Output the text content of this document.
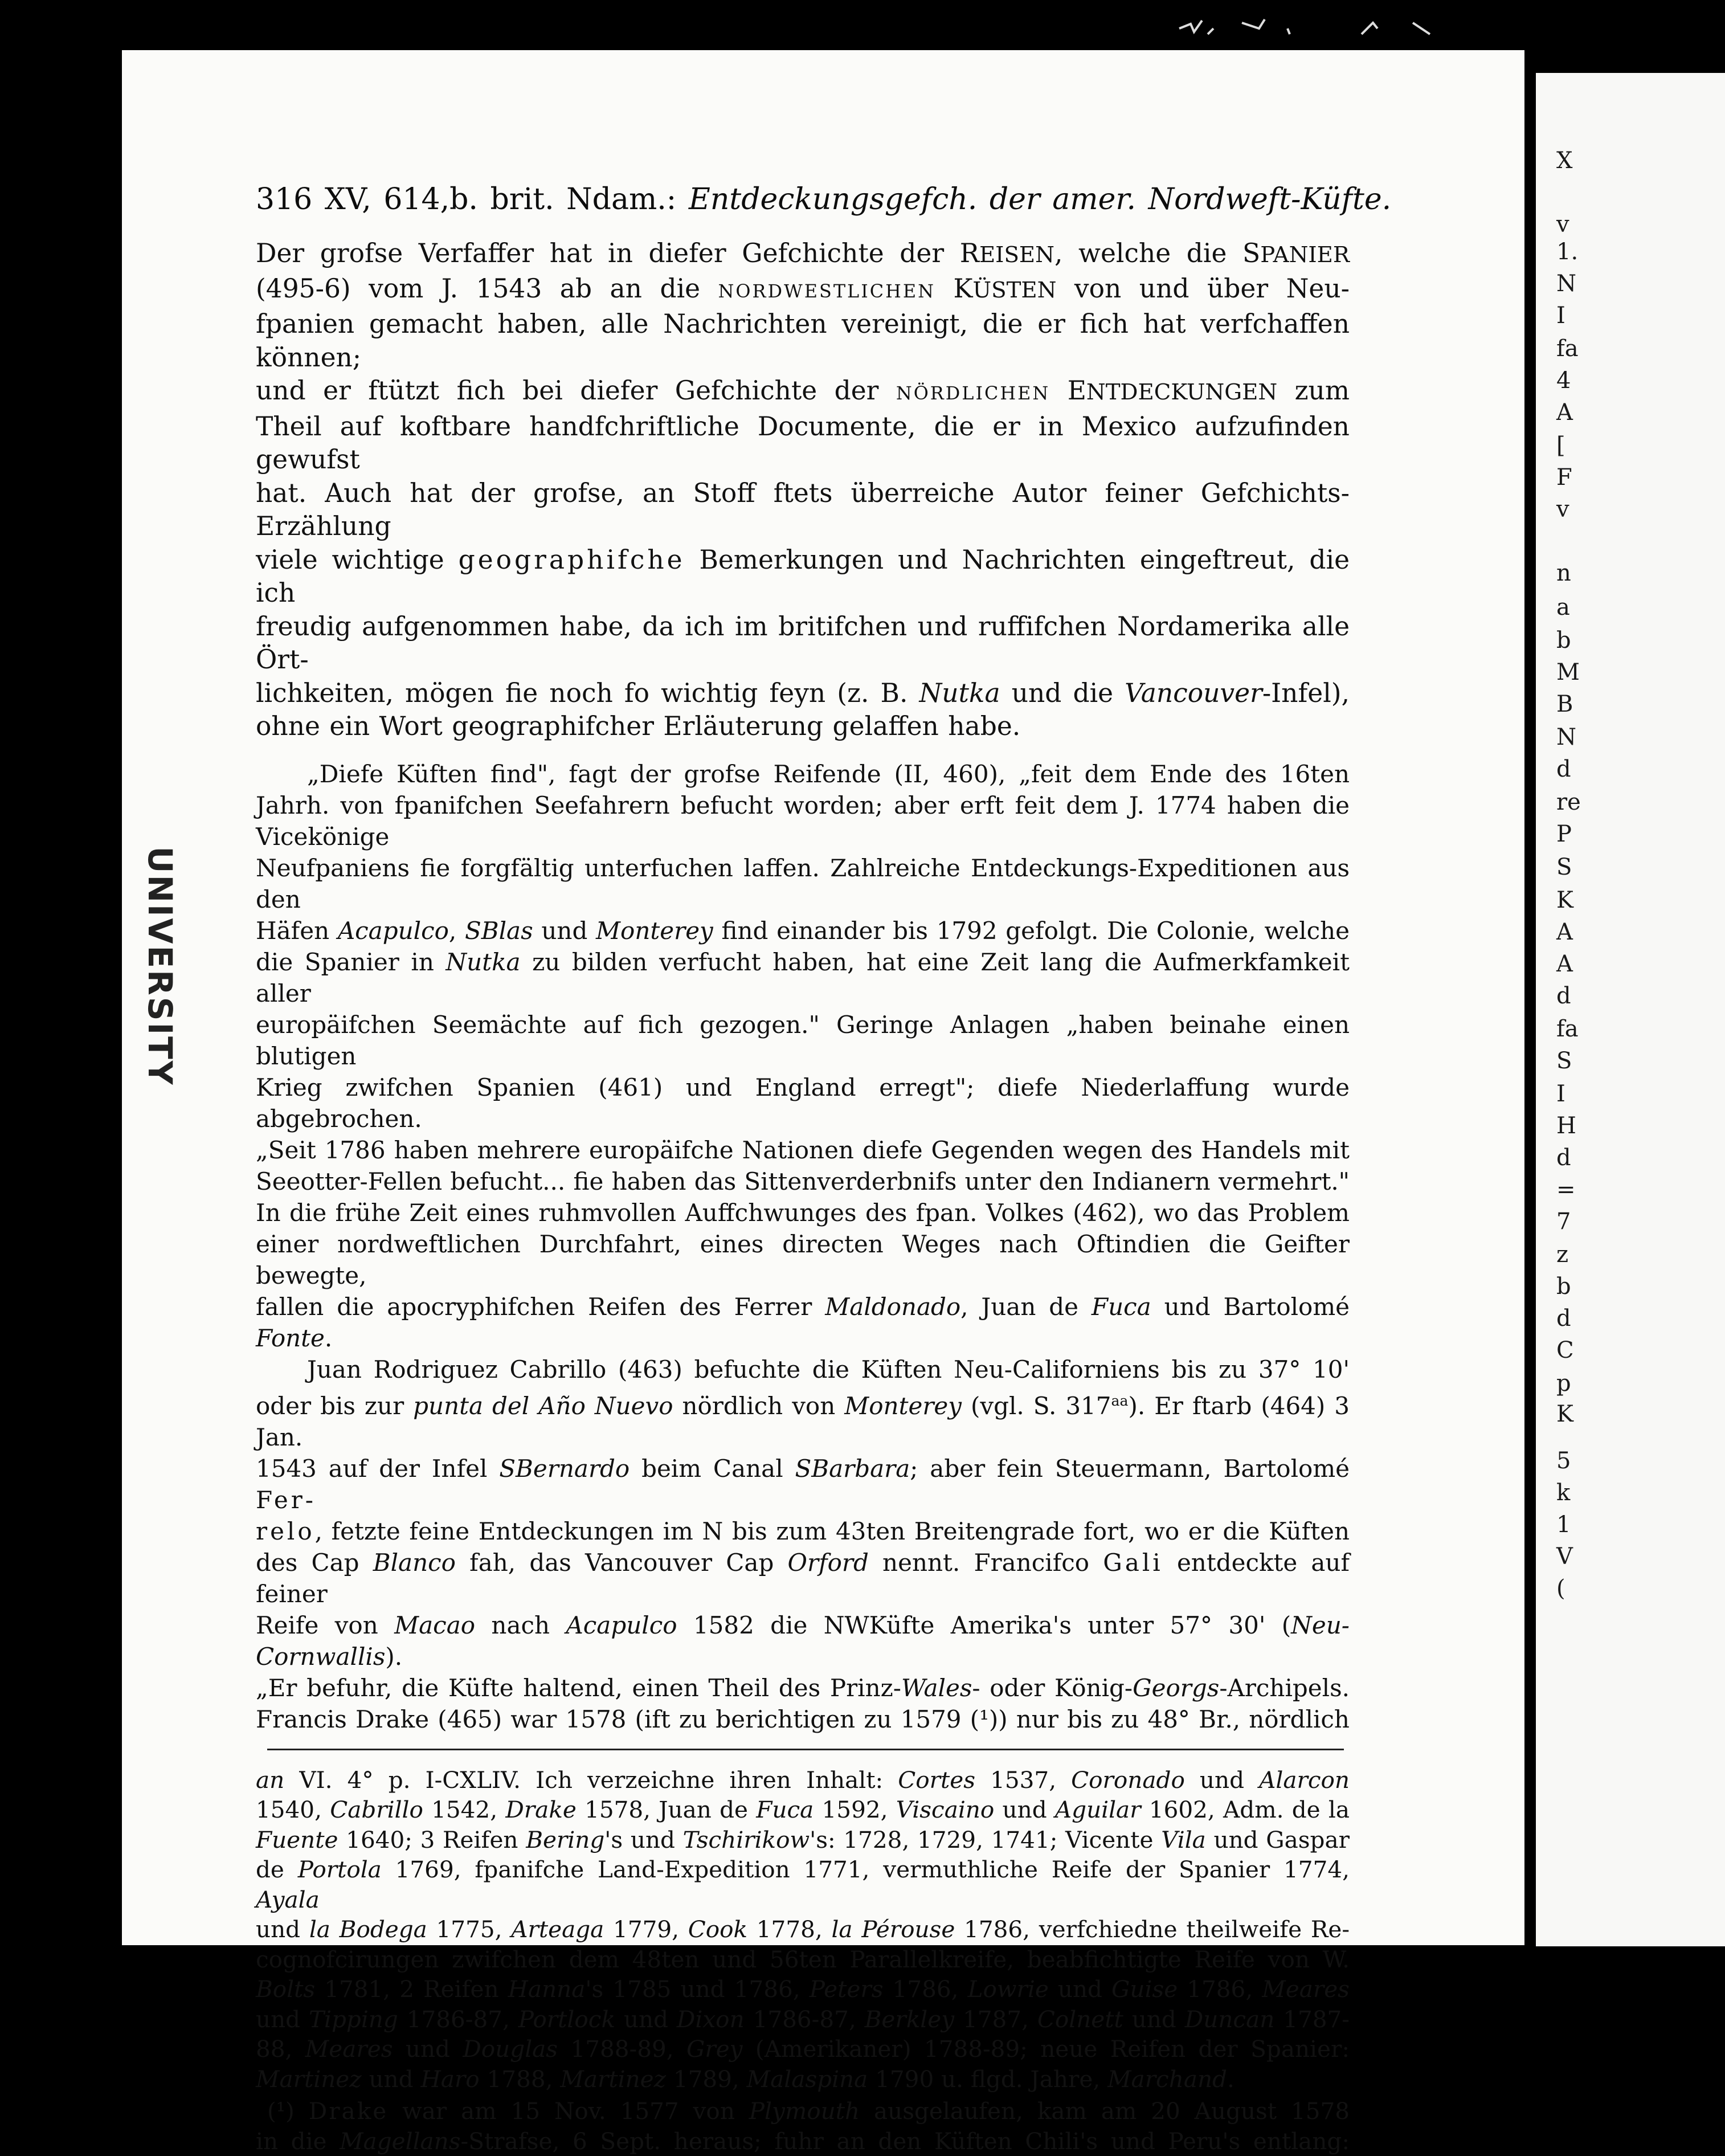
UNIVERSITY
X
v
1.
N
I
fa
4
A
[
F
v
n
a
b
M
B
N
d
re
P
S
K
A
A
d
fa
S
I
H
d
=
7
z
b
d
C
p
K
5
k
1
V
(
316 XV, 614,b. brit. Ndam.: Entdeckungsgefch. der amer. Nordweft-Küfte.

Der grofse Verfaffer hat in diefer Gefchichte der REISEN, welche die SPANIER

(495-6) vom J. 1543 ab an die NORDWESTLICHEN KÜSTEN von und über Neu-

fpanien gemacht haben, alle Nachrichten vereinigt, die er fich hat verfchaffen können;

und er ftützt fich bei diefer Gefchichte der NÖRDLICHEN ENTDECKUNGEN zum

Theil auf koftbare handfchriftliche Documente, die er in Mexico aufzufinden gewufst

hat. Auch hat der grofse, an Stoff ftets überreiche Autor feiner Gefchichts-Erzählung

viele wichtige geographifche Bemerkungen und Nachrichten eingeftreut, die ich

freudig aufgenommen habe, da ich im britifchen und ruffifchen Nordamerika alle Ört-

lichkeiten, mögen fie noch fo wichtig feyn (z. B. Nutka und die Vancouver-Infel),

ohne ein Wort geographifcher Erläuterung gelaffen habe.

„Diefe Küften find", fagt der grofse Reifende (II, 460), „feit dem Ende des 16ten

Jahrh. von fpanifchen Seefahrern befucht worden; aber erft feit dem J. 1774 haben die Vicekönige

Neufpaniens fie forgfältig unterfuchen laffen. Zahlreiche Entdeckungs-Expeditionen aus den

Häfen Acapulco, SBlas und Monterey find einander bis 1792 gefolgt. Die Colonie, welche

die Spanier in Nutka zu bilden verfucht haben, hat eine Zeit lang die Aufmerkfamkeit aller

europäifchen Seemächte auf fich gezogen." Geringe Anlagen „haben beinahe einen blutigen

Krieg zwifchen Spanien (461) und England erregt"; diefe Niederlaffung wurde abgebrochen.

„Seit 1786 haben mehrere europäifche Nationen diefe Gegenden wegen des Handels mit

Seeotter-Fellen befucht... fie haben das Sittenverderbnifs unter den Indianern vermehrt."

In die frühe Zeit eines ruhmvollen Auffchwunges des fpan. Volkes (462), wo das Problem

einer nordweftlichen Durchfahrt, eines directen Weges nach Oftindien die Geifter bewegte,

fallen die apocryphifchen Reifen des Ferrer Maldonado, Juan de Fuca und Bartolomé Fonte.

Juan Rodriguez Cabrillo (463) befuchte die Küften Neu-Californiens bis zu 37° 10'

oder bis zur punta del Año Nuevo nördlich von Monterey (vgl. S. $317^{aa}$). Er ftarb (464) 3 Jan.

1543 auf der Infel SBernardo beim Canal SBarbara; aber fein Steuermann, Bartolomé Fer-

relo, fetzte feine Entdeckungen im N bis zum 43ten Breitengrade fort, wo er die Küften

des Cap Blanco fah, das Vancouver Cap Orford nennt. Francifco Gali entdeckte auf feiner

Reife von Macao nach Acapulco 1582 die NWKüfte Amerika's unter 57° 30' (Neu-Cornwallis).

„Er befuhr, die Küfte haltend, einen Theil des Prinz-Wales- oder König-Georgs-Archipels.

Francis Drake (465) war 1578 (ift zu berichtigen zu 1579 (¹)) nur bis zu 48° Br., nördlich

an VI. 4° p. I-CXLIV. Ich verzeichne ihren Inhalt: Cortes 1537, Coronado und Alarcon

1540, Cabrillo 1542, Drake 1578, Juan de Fuca 1592, Viscaino und Aguilar 1602, Adm. de la

Fuente 1640; 3 Reifen Bering's und Tschirikow's: 1728, 1729, 1741; Vicente Vila und Gaspar

de Portola 1769, fpanifche Land-Expedition 1771, vermuthliche Reife der Spanier 1774, Ayala

und la Bodega 1775, Arteaga 1779, Cook 1778, la Pérouse 1786, verfchiedne theilweife Re-

cognofcirungen zwifchen dem 48ten und 56ten Parallelkreife, beabfichtigte Reife von W.

Bolts 1781, 2 Reifen Hanna's 1785 und 1786, Peters 1786, Lowrie und Guise 1786, Meares

und Tipping 1786-87, Portlock und Dixon 1786-87, Berkley 1787, Colnett und Duncan 1787-

88, Meares und Douglas 1788-89, Grey (Amerikaner) 1788-89; neue Reifen der Spanier:

Martinez und Haro 1788, Martinez 1789, Malaspina 1790 u. flgd. Jahre, Marchand.

(¹) Drake war am 15 Nov. 1577 von Plymouth ausgelaufen, kam am 20 August 1578

in die Magellans-Strafse, 6 Sept. heraus; fuhr an den Küften Chili's und Peru's entlang:
